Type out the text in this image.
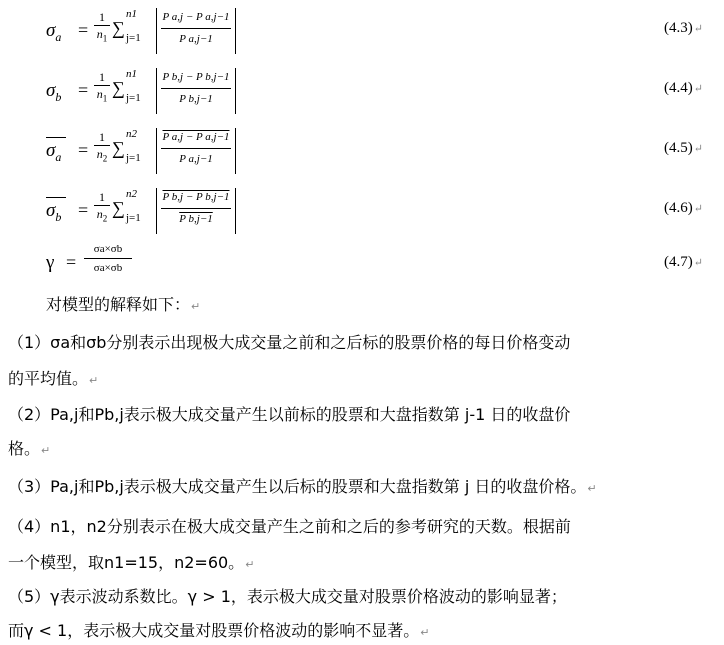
$\sigma_a$ =
1
$n_1$
∑
n1
j=1
P a,j − P a,j−1
P a,j−1
(4.3)↵
$\sigma_b$ =
1
$n_1$
∑
n1
j=1
P b,j − P b,j−1
P b,j−1
(4.4)↵
$\sigma_a$ =
1
$n_2$
∑
n2
j=1
P a,j − P a,j−1
P a,j−1
(4.5)↵
$\sigma_b$ =
1
$n_2$
∑
n2
$j=1 \frac{\text{P b,j − P b,j−1}}{\text{P b,j−1}}$	(4.6)↵
γ =
σa×σb
σa×σb	(4.7)↵
对模型的解释如下：↵
（1）σa和σb分别表示出现极大成交量之前和之后标的股票价格的每日价格变动
的平均值。↵
（2）Pa,j和Pb,j表示极大成交量产生以前标的股票和大盘指数第 j-1 日的收盘价
格。↵
（3）Pa,j和Pb,j表示极大成交量产生以后标的股票和大盘指数第 j 日的收盘价格。↵
（4）n1，n2分别表示在极大成交量产生之前和之后的参考研究的天数。根据前
一个模型，取n1=15，n2=60。↵
（5）γ表示波动系数比。γ > 1，表示极大成交量对股票价格波动的影响显著；
而γ < 1，表示极大成交量对股票价格波动的影响不显著。↵
